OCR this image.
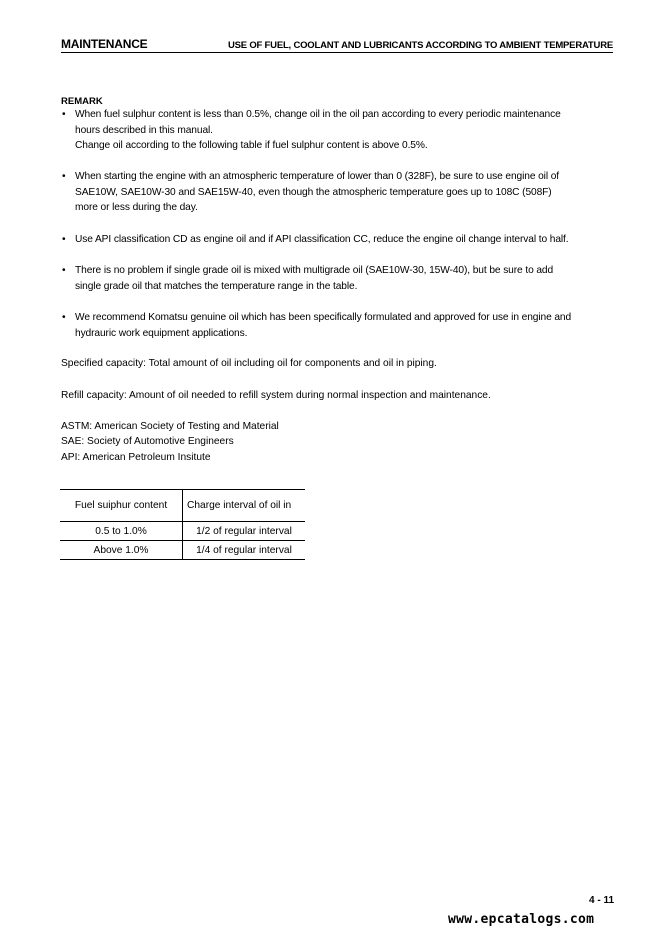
MAINTENANCE	USE OF FUEL, COOLANT AND LUBRICANTS ACCORDING TO AMBIENT TEMPERATURE
REMARK
• When fuel sulphur content is less than 0.5%, change oil in the oil pan according to every periodic maintenance
hours described in this manual.
Change oil according to the following table if fuel sulphur content is above 0.5%.
• When starting the engine with an atmospheric temperature of lower than 0 (328F), be sure to use engine oil of
SAE10W, SAE10W-30 and SAE15W-40, even though the atmospheric temperature goes up to 108C (508F)
more or less during the day.
• Use API classification CD as engine oil and if API classification CC, reduce the engine oil change interval to half.
• There is no problem if single grade oil is mixed with multigrade oil (SAE10W-30, 15W-40), but be sure to add
single grade oil that matches the temperature range in the table.
• We recommend Komatsu genuine oil which has been specifically formulated and approved for use in engine and
hydrauric work equipment applications.
Specified capacity: Total amount of oil including oil for components and oil in piping.
Refill capacity: Amount of oil needed to refill system during normal inspection and maintenance.
ASTM: American Society of Testing and Material
SAE: Society of Automotive Engineers
API: American Petroleum Insitute
Fuel suiphur content	Charge interval of oil in
0.5 to 1.0%	1/2 of regular interval
Above 1.0%	1/4 of regular interval
4 - 11
www.epcatalogs.com
